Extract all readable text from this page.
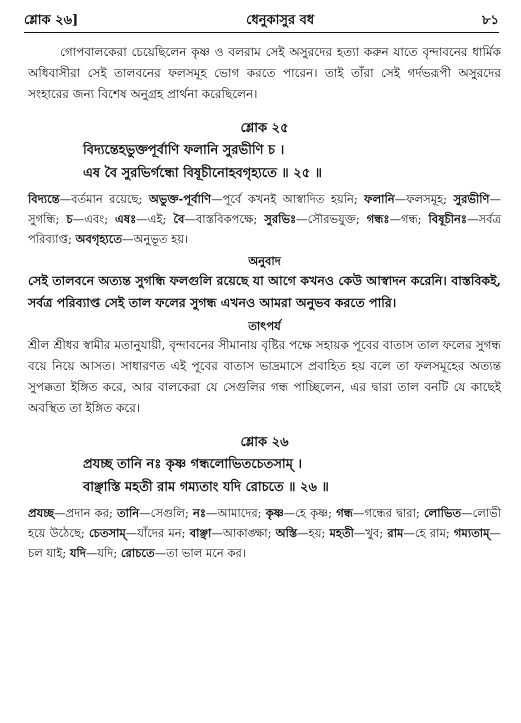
শ্লোক ২৬]	ধেনুকাসুর বধ	৮১

গোপবালকেরা চেয়েছিলেন কৃষ্ণ ও বলরাম সেই অসুরদের হত্যা করুন যাতে বৃন্দাবনের ধার্মিক অধিবাসীরা সেই তালবনের ফলসমূহ ভোগ করতে পারেন। তাই তাঁরা সেই গর্দভরূপী অসুরদের সংহারের জন্য বিশেষ অনুগ্রহ প্রার্থনা করেছিলেন।

শ্লোক ২৫
বিদ্যন্তেহভুক্তপূর্বাণি ফলানি সুরভীণি চ ।
এষ বৈ সুরভির্গন্ধো বিষূচীনোহবগৃহ্যতে ॥ ২৫ ॥

বিদ্যন্তে—বর্তমান রয়েছে; অভুক্ত-পূর্বাণি—পূর্বে কখনই আস্বাদিত হয়নি; ফলানি—ফলসমূহ; সুরভীণি—সুগন্ধি; চ—এবং; এষঃ—এই; বৈ—বাস্তবিকপক্ষে; সুরভিঃ—সৌরভযুক্ত; গন্ধঃ—গন্ধ; বিষূচীনঃ—সর্বত্র পরিব্যাপ্ত; অবগৃহ্যতে—অনুভূত হয়।

অনুবাদ

সেই তালবনে অত্যন্ত সুগন্ধি ফলগুলি রয়েছে যা আগে কখনও কেউ আস্বাদন করেনি। বাস্তবিকই, সর্বত্র পরিব্যাপ্ত সেই তাল ফলের সুগন্ধ এখনও আমরা অনুভব করতে পারি।

তাৎপর্য

শ্রীল শ্রীধর স্বামীর মতানুযায়ী, বৃন্দাবনের সীমানায় বৃষ্টির পক্ষে সহায়ক পূবের বাতাস তাল ফলের সুগন্ধ বয়ে নিয়ে আসত। সাধারণত এই পূবের বাতাস ভাদ্রমাসে প্রবাহিত হয় বলে তা ফলসমূহের অত্যন্ত সুপক্কতা ইঙ্গিত করে, আর বালকেরা যে সেগুলির গন্ধ পাচ্ছিলেন, এর দ্বারা তাল বনটি যে কাছেই অবস্থিত তা ইঙ্গিত করে।

শ্লোক ২৬
প্রযচ্ছ তানি নঃ কৃষ্ণ গন্ধলোভিতচেতসাম্ ।
বাঞ্ছাস্তি মহতী রাম গম্যতাং যদি রোচতে ॥ ২৬ ॥

প্রযচ্ছ—প্রদান কর; তানি—সেগুলি; নঃ—আমাদের; কৃষ্ণ—হে কৃষ্ণ; গন্ধ—গন্ধের দ্বারা; লোভিত—লোভী হয়ে উঠেছে; চেতসাম্—যাঁদের মন; বাঞ্ছা—আকাঙ্ক্ষা; অস্তি—হয়; মহতী—খুব; রাম—হে রাম; গম্যতাম্—চল যাই; যদি—যদি; রোচতে—তা ভাল মনে কর।
